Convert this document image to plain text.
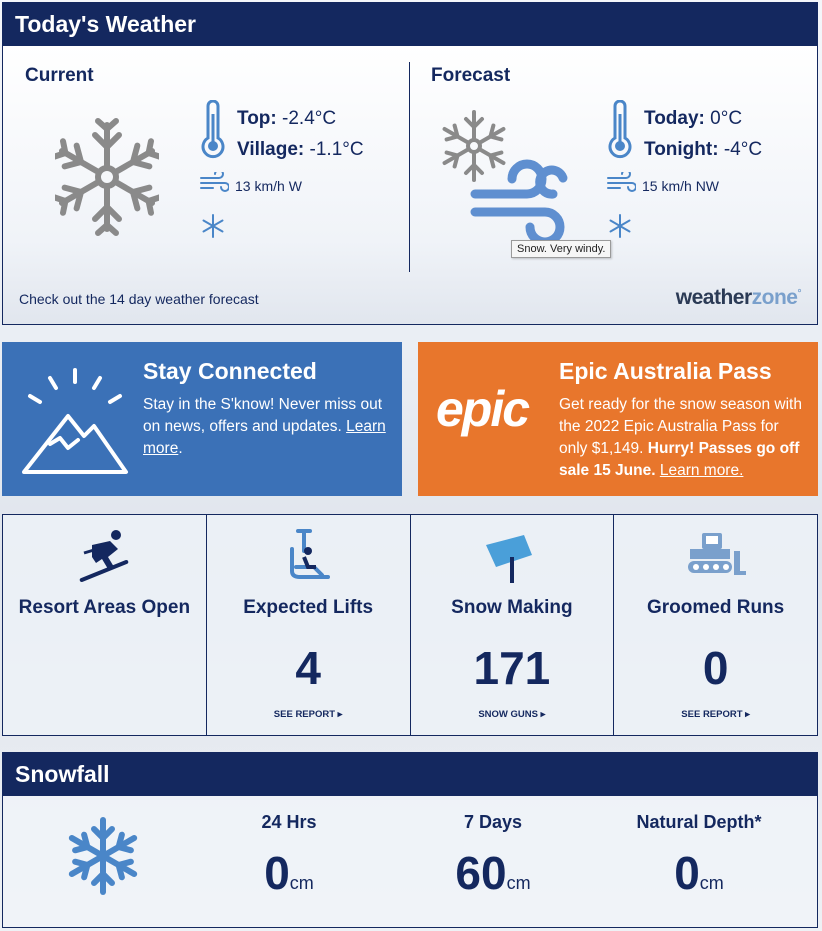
Today's Weather
Current
Top: -2.4°C
Village: -1.1°C
13 km/h W
Forecast
Today: 0°C
Tonight: -4°C
15 km/h NW
Snow. Very windy.
Check out the 14 day weather forecast	weatherzone°
Stay Connected

Stay in the S'know! Never miss out on news, offers and updates. Learn more.

epic
Epic Australia Pass

Get ready for the snow season with the 2022 Epic Australia Pass for only $1,149. Hurry! Passes go off sale 15 June. Learn more.

Resort Areas Open	Expected Lifts
4
SEE REPORT ▸
Snow Making
171
SNOW GUNS ▸
Groomed Runs
0
SEE REPORT ▸
Snowfall
24 Hrs
0cm
7 Days
60cm
Natural Depth*
0cm
